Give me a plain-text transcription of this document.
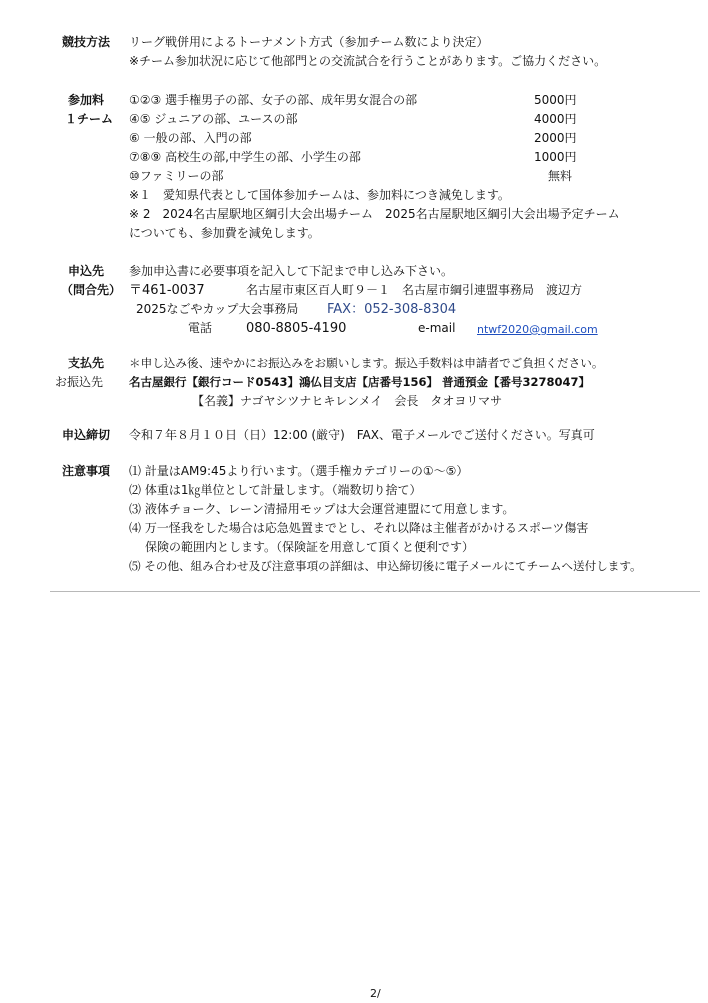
競技方法 リーグ戦併用によるトーナメント方式（参加チーム数により決定）
※チーム参加状況に応じて他部門との交流試合を行うことがあります。ご協力ください。
参加料
１チーム
①②③ 選手権男子の部、女子の部、成年男女混合の部	5000円
④⑤ ジュニアの部、ユースの部	4000円
⑥ 一般の部、入門の部	2000円
⑦⑧⑨ 高校生の部,中学生の部、小学生の部	1000円
⑩ファミリーの部	無料
※１　愛知県代表として国体参加チームは、参加料につき減免します。
※ 2　2024名古屋駅地区綱引大会出場チーム　2025名古屋駅地区綱引大会出場予定チーム
についても、参加費を減免します。
申込先
（問合先）
参加申込書に必要事項を記入して下記まで申し込み下さい。
〒461-0037	名古屋市東区百人町９－１　名古屋市綱引連盟事務局　渡辺方
2025なごやカップ大会事務局 FAX：052-308-8304
電話	080-8805-4190	e-mail ntwf2020@gmail.com
支払先
お振込先
＊申し込み後、速やかにお振込みをお願いします。振込手数料は申請者でご負担ください。
名古屋銀行【銀行コード0543】鴻仏目支店【店番号156】 普通預金【番号3278047】
【名義】ナゴヤシツナヒキレンメイ　会長　タオヨリマサ
申込締切 令和７年８月１０日（日）12:00 (厳守)　FAX、電子メールでご送付ください。写真可
注意事項 ⑴ 計量はAM9:45より行います。（選手権カテゴリーの①～⑤）
⑵ 体重は1㎏単位として計量します。（端数切り捨て）
⑶ 液体チョーク、レーン清掃用モップは大会運営連盟にて用意します。
⑷ 万一怪我をした場合は応急処置までとし、それ以降は主催者がかけるスポーツ傷害
保険の範囲内とします。（保険証を用意して頂くと便利です）
⑸ その他、組み合わせ及び注意事項の詳細は、申込締切後に電子メールにてチームへ送付します。
2/
